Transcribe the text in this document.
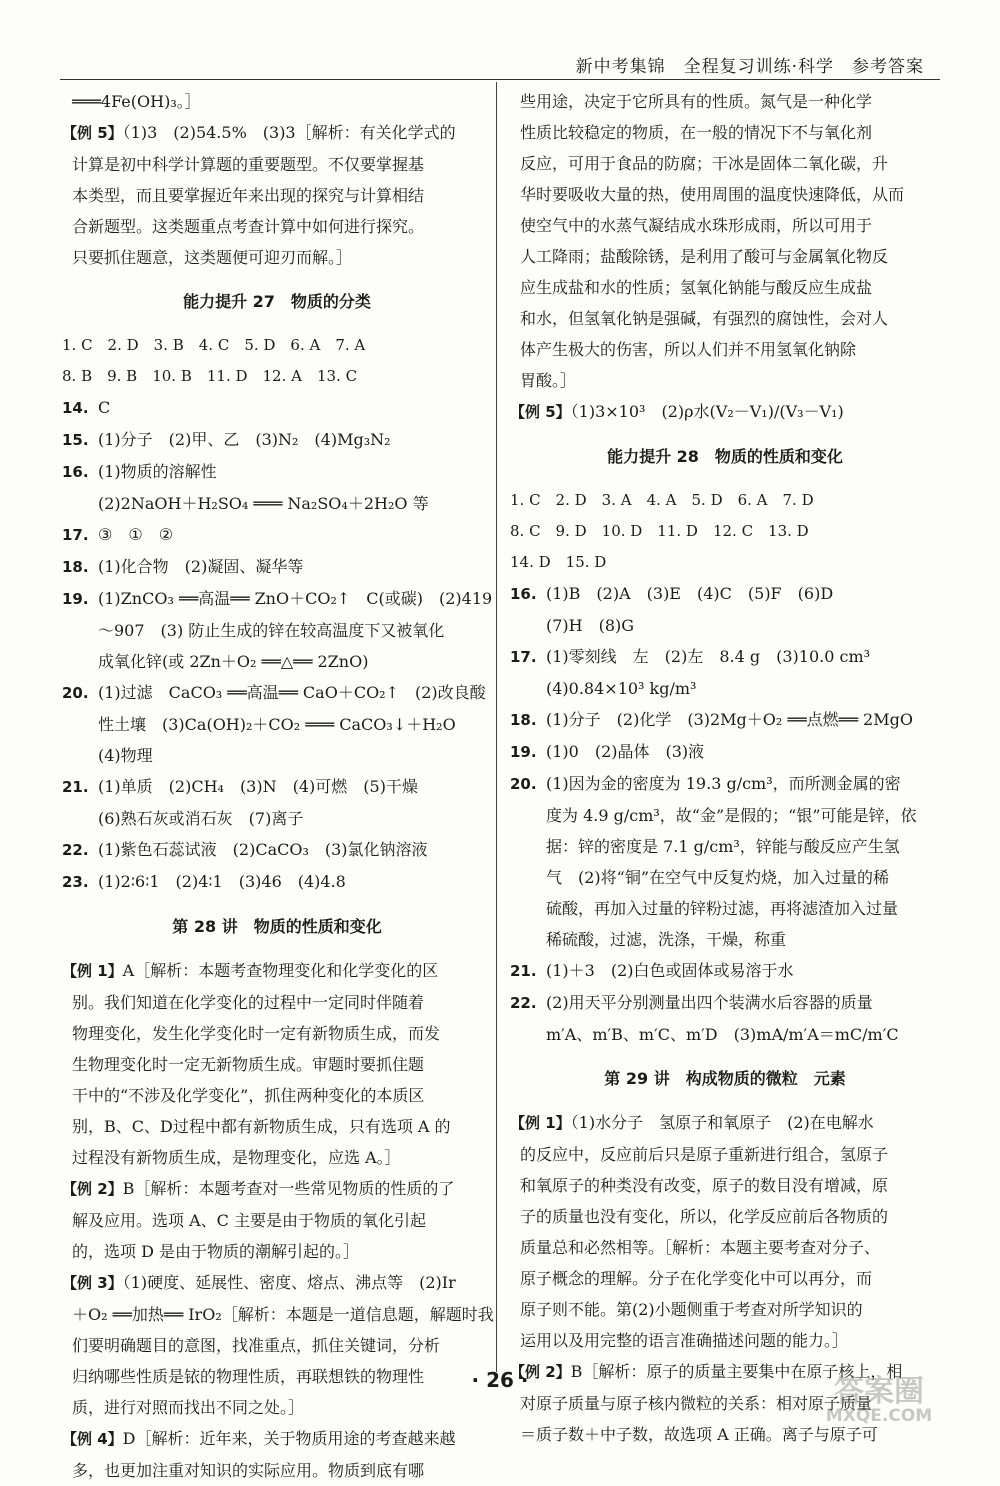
新中考集锦　全程复习训练·科学　参考答案
═══4Fe(OH)₃。］
【例 5】（1)3　(2)54.5%　(3)3［解析：有关化学式的
计算是初中科学计算题的重要题型。不仅要掌握基
本类型，而且要掌握近年来出现的探究与计算相结
合新题型。这类题重点考查计算中如何进行探究。
只要抓住题意，这类题便可迎刃而解。］
能力提升 27　物质的分类
1. C　2. D　3. B　4. C　5. D　6. A　7. A
8. B　9. B　10. B　11. D　12. A　13. C
14. C
15. (1)分子　(2)甲、乙　(3)N₂　(4)Mg₃N₂
16. (1)物质的溶解性
(2)2NaOH＋H₂SO₄ ═══ Na₂SO₄＋2H₂O 等
17. ③　①　②
18. (1)化合物　(2)凝固、凝华等
19. (1)ZnCO₃ ══高温══ ZnO＋CO₂↑　C(或碳)　(2)419
～907　(3) 防止生成的锌在较高温度下又被氧化
成氧化锌(或 2Zn＋O₂ ══△══ 2ZnO)
20. (1)过滤　CaCO₃ ══高温══ CaO＋CO₂↑　(2)改良酸
性土壤　(3)Ca(OH)₂＋CO₂ ═══ CaCO₃↓＋H₂O
(4)物理
21. (1)单质　(2)CH₄　(3)N　(4)可燃　(5)干燥
(6)熟石灰或消石灰　(7)离子
22. (1)紫色石蕊试液　(2)CaCO₃　(3)氯化钠溶液
23. (1)2∶6∶1　(2)4∶1　(3)46　(4)4.8
第 28 讲　物质的性质和变化
【例 1】A［解析：本题考查物理变化和化学变化的区
别。我们知道在化学变化的过程中一定同时伴随着
物理变化，发生化学变化时一定有新物质生成，而发
生物理变化时一定无新物质生成。审题时要抓住题
干中的“不涉及化学变化”，抓住两种变化的本质区
别，B、C、D过程中都有新物质生成，只有选项 A 的
过程没有新物质生成，是物理变化，应选 A。］
【例 2】B［解析：本题考查对一些常见物质的性质的了
解及应用。选项 A、C 主要是由于物质的氧化引起
的，选项 D 是由于物质的潮解引起的。］
【例 3】（1)硬度、延展性、密度、熔点、沸点等　(2)Ir
＋O₂ ══加热══ IrO₂［解析：本题是一道信息题，解题时我
们要明确题目的意图，找准重点，抓住关键词，分析
归纳哪些性质是铱的物理性质，再联想铁的物理性
质，进行对照而找出不同之处。］
【例 4】D［解析：近年来，关于物质用途的考查越来越
多，也更加注重对知识的实际应用。物质到底有哪
些用途，决定于它所具有的性质。氮气是一种化学
性质比较稳定的物质，在一般的情况下不与氧化剂
反应，可用于食品的防腐；干冰是固体二氧化碳，升
华时要吸收大量的热，使用周围的温度快速降低，从而
使空气中的水蒸气凝结成水珠形成雨，所以可用于
人工降雨；盐酸除锈，是利用了酸可与金属氧化物反
应生成盐和水的性质；氢氧化钠能与酸反应生成盐
和水，但氢氧化钠是强碱，有强烈的腐蚀性，会对人
体产生极大的伤害，所以人们并不用氢氧化钠除
胃酸。］
【例 5】（1)3×10³　(2)ρ水(V₂－V₁)/(V₃－V₁)
能力提升 28　物质的性质和变化
1. C　2. D　3. A　4. A　5. D　6. A　7. D
8. C　9. D　10. D　11. D　12. C　13. D
14. D　15. D
16. (1)B　(2)A　(3)E　(4)C　(5)F　(6)D
(7)H　(8)G
17. (1)零刻线　左　(2)左　8.4 g　(3)10.0 cm³
(4)0.84×10³ kg/m³
18. (1)分子　(2)化学　(3)2Mg＋O₂ ══点燃══ 2MgO
19. (1)0　(2)晶体　(3)液
20. (1)因为金的密度为 19.3 g/cm³，而所测金属的密
度为 4.9 g/cm³，故“金”是假的；“银”可能是锌，依
据：锌的密度是 7.1 g/cm³，锌能与酸反应产生氢
气　(2)将“铜”在空气中反复灼烧，加入过量的稀
硫酸，再加入过量的锌粉过滤，再将滤渣加入过量
稀硫酸，过滤，洗涤，干燥，称重
21. (1)＋3　(2)白色或固体或易溶于水
22. (2)用天平分别测量出四个装满水后容器的质量
m′A、m′B、m′C、m′D　(3)mA/m′A＝mC/m′C
第 29 讲　构成物质的微粒　元素
【例 1】（1)水分子　氢原子和氧原子　(2)在电解水
的反应中，反应前后只是原子重新进行组合，氢原子
和氧原子的种类没有改变，原子的数目没有增减，原
子的质量也没有变化，所以，化学反应前后各物质的
质量总和必然相等。［解析：本题主要考查对分子、
原子概念的理解。分子在化学变化中可以再分，而
原子则不能。第(2)小题侧重于考查对所学知识的
运用以及用完整的语言准确描述问题的能力。］
【例 2】B［解析：原子的质量主要集中在原子核上，相
对原子质量与原子核内微粒的关系：相对原子质量
＝质子数＋中子数，故选项 A 正确。离子与原子可
· 26 ·	答案圈
MXQE.COM
